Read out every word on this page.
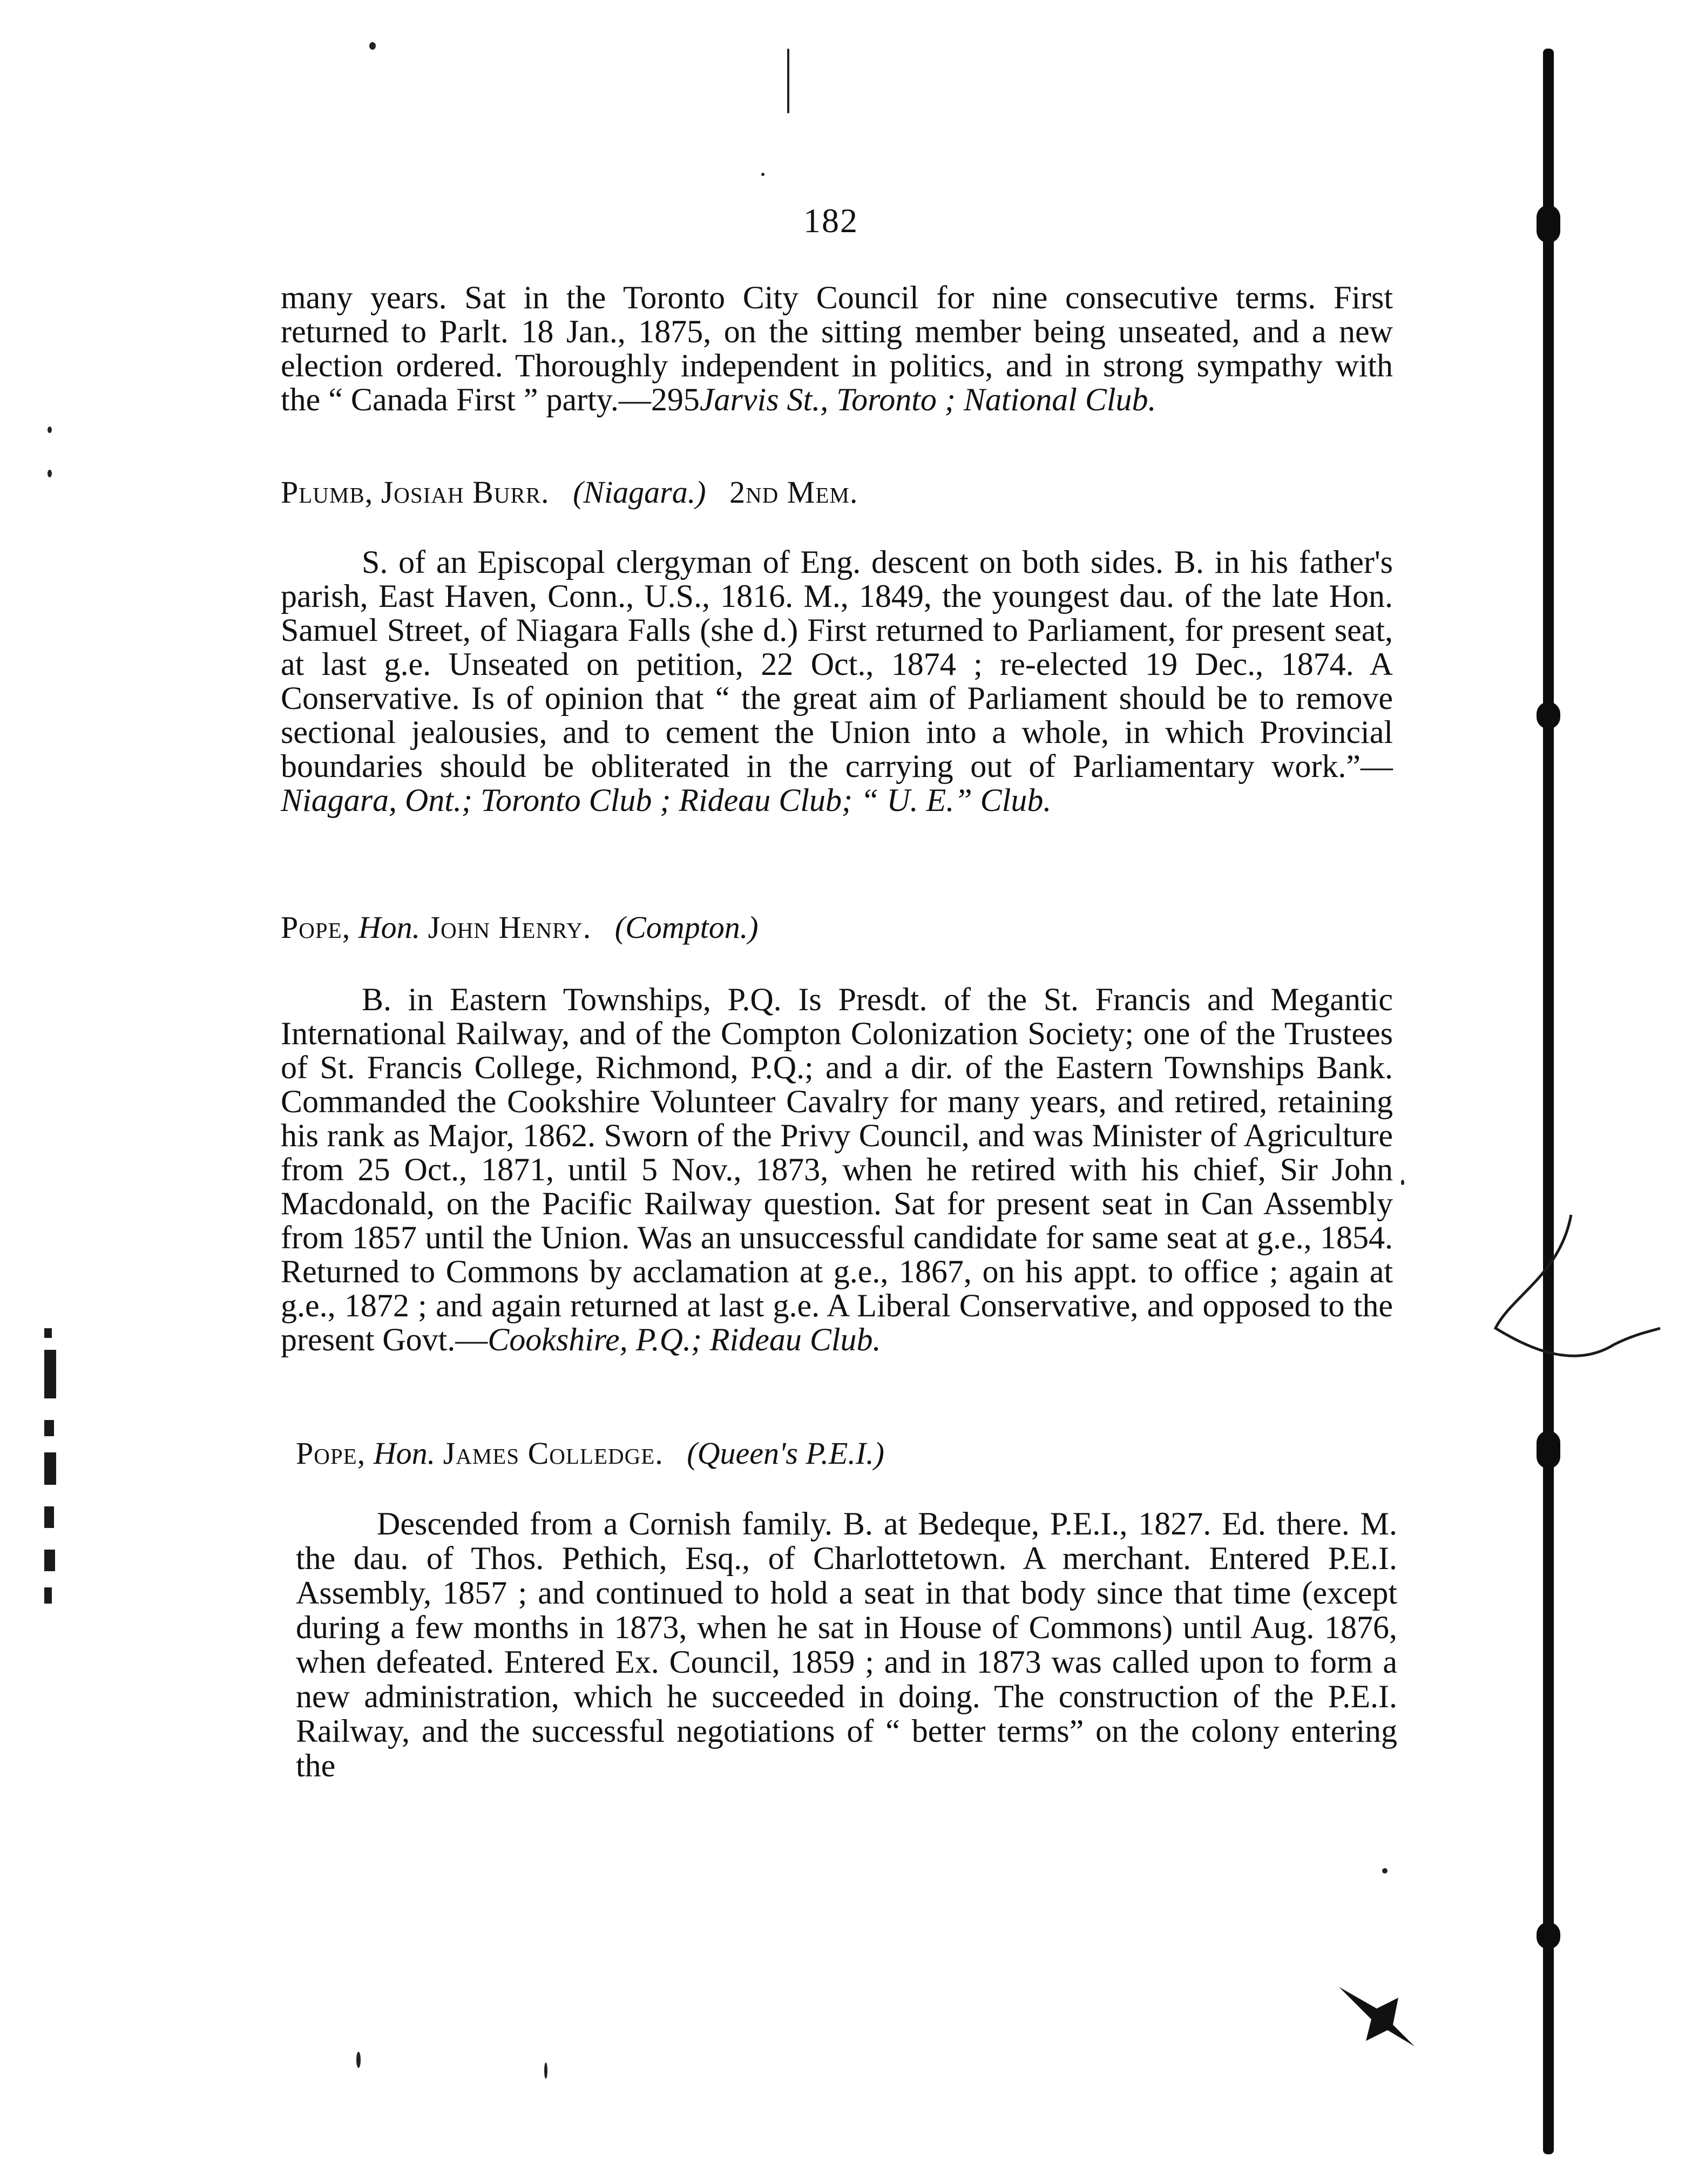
182

many years. Sat in the Toronto City Council for nine consecutive terms. First returned to Parlt. 18 Jan., 1875, on the sitting member being unseated, and a new election ordered. Thoroughly independent in politics, and in strong sympathy with the “ Canada First ” party.—295Jarvis St., Toronto ; National Club.

Plumb, Josiah Burr. (Niagara.) 2nd Mem.

S. of an Episcopal clergyman of Eng. descent on both sides. B. in his father's parish, East Haven, Conn., U.S., 1816. M., 1849, the youngest dau. of the late Hon. Samuel Street, of Niagara Falls (she d.) First returned to Parliament, for present seat, at last g.e. Unseated on petition, 22 Oct., 1874 ; re-elected 19 Dec., 1874. A Conservative. Is of opinion that “ the great aim of Parliament should be to remove sectional jealousies, and to cement the Union into a whole, in which Provincial boundaries should be obliterated in the carrying out of Parliamentary work.”—Niagara, Ont.; Toronto Club ; Rideau Club; “ U. E.” Club.

Pope, Hon. John Henry. (Compton.)

B. in Eastern Townships, P.Q. Is Presdt. of the St. Francis and Megantic International Railway, and of the Compton Colonization Society; one of the Trustees of St. Francis College, Richmond, P.Q.; and a dir. of the Eastern Townships Bank. Commanded the Cookshire Volunteer Cavalry for many years, and retired, retaining his rank as Major, 1862. Sworn of the Privy Council, and was Minister of Agriculture from 25 Oct., 1871, until 5 Nov., 1873, when he retired with his chief, Sir John Macdonald, on the Pacific Railway question. Sat for present seat in Can Assembly from 1857 until the Union. Was an unsuccessful candidate for same seat at g.e., 1854. Returned to Commons by acclamation at g.e., 1867, on his appt. to office ; again at g.e., 1872 ; and again returned at last g.e. A Liberal Conservative, and opposed to the present Govt.—Cookshire, P.Q.; Rideau Club.

Pope, Hon. James Colledge. (Queen's P.E.I.)

Descended from a Cornish family. B. at Bedeque, P.E.I., 1827. Ed. there. M. the dau. of Thos. Pethich, Esq., of Charlottetown. A merchant. Entered P.E.I. Assembly, 1857 ; and continued to hold a seat in that body since that time (except during a few months in 1873, when he sat in House of Commons) until Aug. 1876, when defeated. Entered Ex. Council, 1859 ; and in 1873 was called upon to form a new administration, which he succeeded in doing. The construction of the P.E.I. Railway, and the successful negotiations of “ better terms” on the colony entering the
